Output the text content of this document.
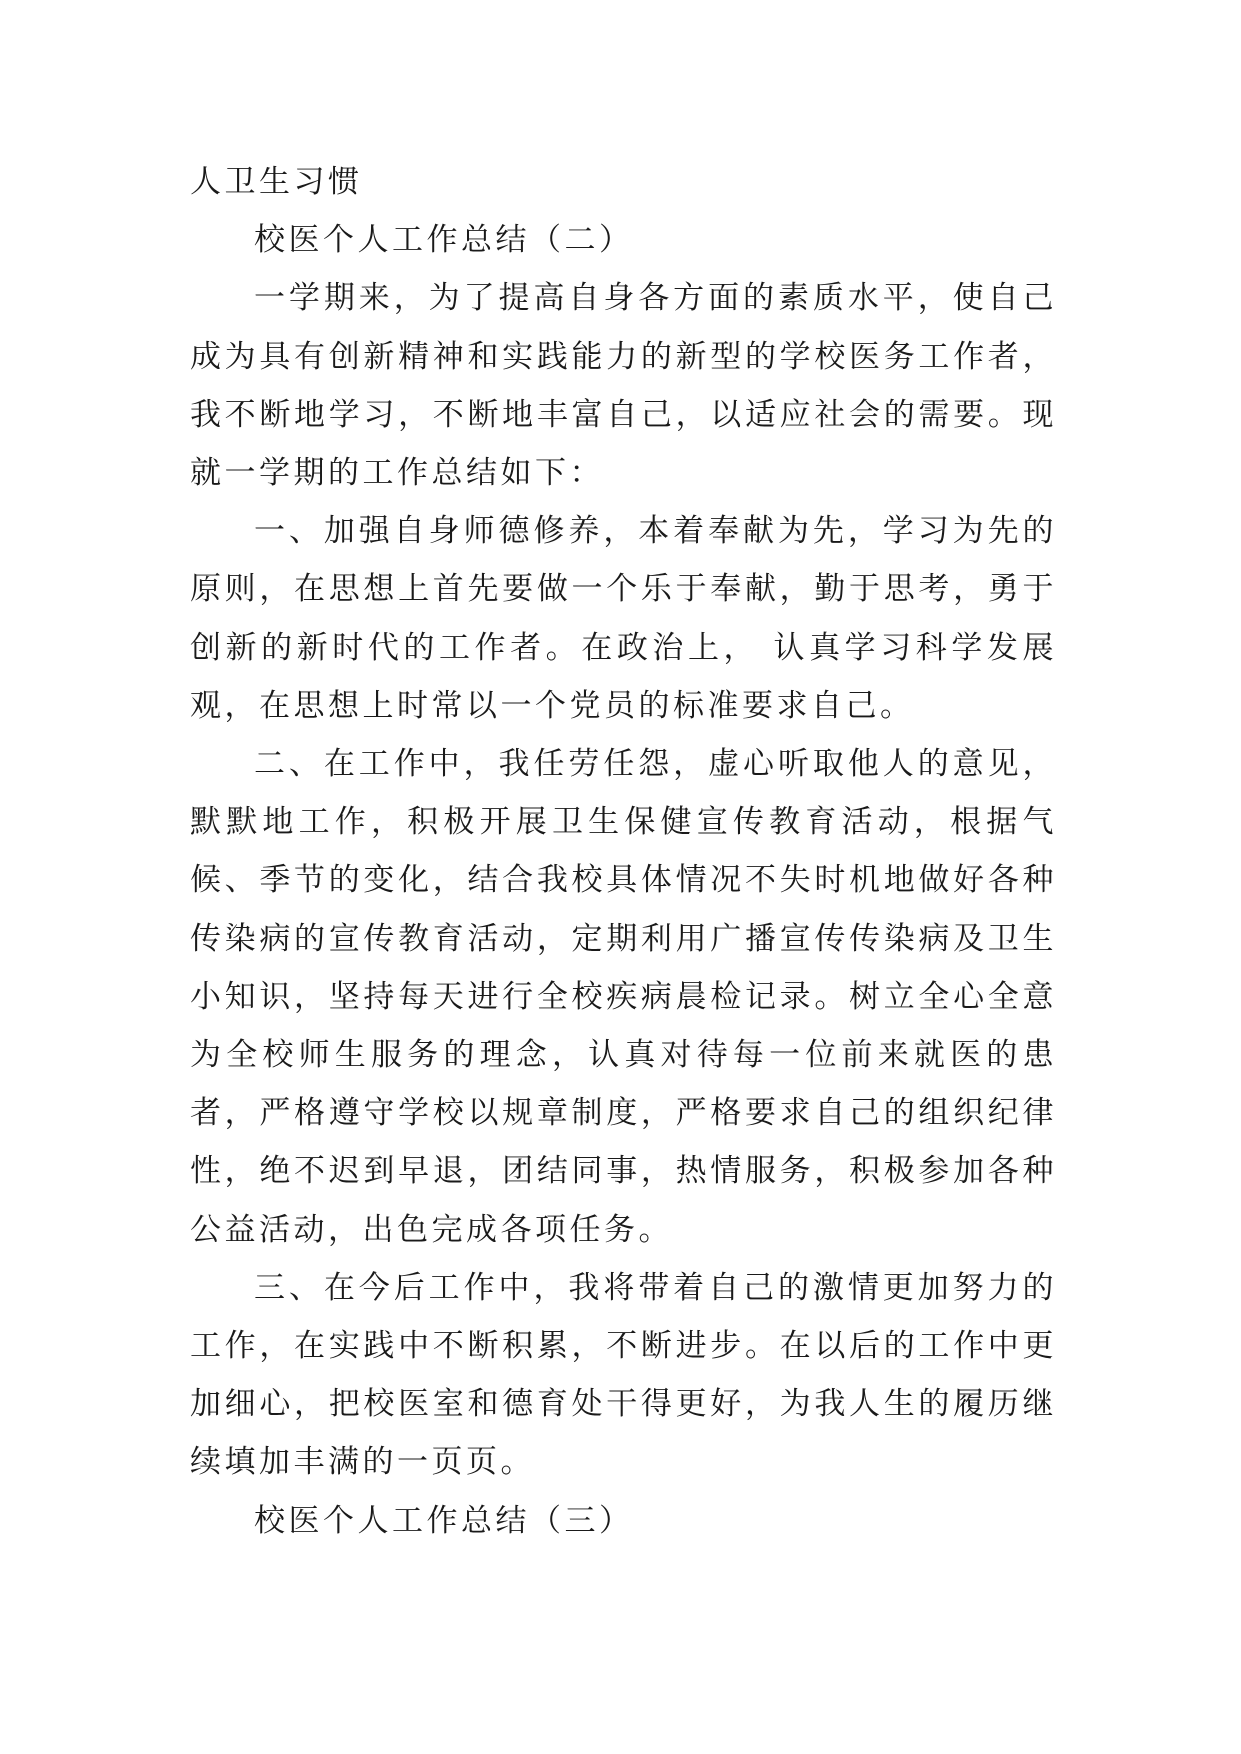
人卫生习惯

校医个人工作总结（二）

一学期来，为了提高自身各方面的素质水平，使自己成为具有创新精神和实践能力的新型的学校医务工作者，我不断地学习，不断地丰富自己，以适应社会的需要。现就一学期的工作总结如下：

一、加强自身师德修养，本着奉献为先，学习为先的原则，在思想上首先要做一个乐于奉献，勤于思考，勇于创新的新时代的工作者。在政治上， 认真学习科学发展观，在思想上时常以一个党员的标准要求自己。

二、在工作中，我任劳任怨，虚心听取他人的意见，默默地工作，积极开展卫生保健宣传教育活动，根据气候、季节的变化，结合我校具体情况不失时机地做好各种传染病的宣传教育活动，定期利用广播宣传传染病及卫生小知识，坚持每天进行全校疾病晨检记录。树立全心全意为全校师生服务的理念，认真对待每一位前来就医的患者，严格遵守学校以规章制度，严格要求自己的组织纪律性，绝不迟到早退，团结同事，热情服务，积极参加各种公益活动，出色完成各项任务。

三、在今后工作中，我将带着自己的激情更加努力的工作，在实践中不断积累，不断进步。在以后的工作中更加细心，把校医室和德育处干得更好，为我人生的履历继续填加丰满的一页页。

校医个人工作总结（三）
